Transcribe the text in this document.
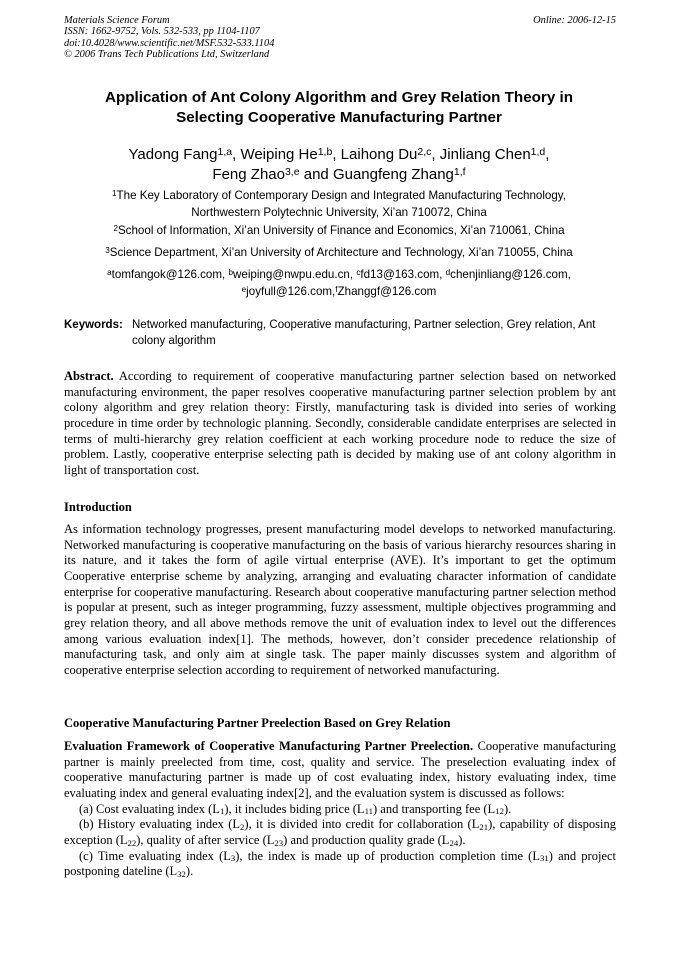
Materials Science Forum
ISSN: 1662-9752, Vols. 532-533, pp 1104-1107
doi:10.4028/www.scientific.net/MSF.532-533.1104
© 2006 Trans Tech Publications Ltd, Switzerland
Online: 2006-12-15
Application of Ant Colony Algorithm and Grey Relation Theory in
Selecting Cooperative Manufacturing Partner
Yadong Fang$^{1,a}$, Weiping He$^{1,b}$, Laihong Du$^{2,c}$, Jinliang Chen$^{1,d}$,
Feng Zhao$^{3,e}$ and Guangfeng Zhang$^{1,f}$
$^1$The Key Laboratory of Contemporary Design and Integrated Manufacturing Technology,
Northwestern Polytechnic University, Xi’an 710072, China
$^2$School of Information, Xi’an University of Finance and Economics, Xi’an 710061, China
$^3$Science Department, Xi’an University of Architecture and Technology, Xi’an 710055, China
$^a$tomfangok@126.com, $^b$weiping@nwpu.edu.cn, $^c$fd13@163.com, $^d$chenjinliang@126.com,
$^e$joyfull@126.com,$^f$Zhanggf@126.com
Keywords: Networked manufacturing, Cooperative manufacturing, Partner selection, Grey relation, Ant colony algorithm
Abstract. According to requirement of cooperative manufacturing partner selection based on networked manufacturing environment, the paper resolves cooperative manufacturing partner selection problem by ant colony algorithm and grey relation theory: Firstly, manufacturing task is divided into series of working procedure in time order by technologic planning. Secondly, considerable candidate enterprises are selected in terms of multi-hierarchy grey relation coefficient at each working procedure node to reduce the size of problem. Lastly, cooperative enterprise selecting path is decided by making use of ant colony algorithm in light of transportation cost.
Introduction
As information technology progresses, present manufacturing model develops to networked manufacturing. Networked manufacturing is cooperative manufacturing on the basis of various hierarchy resources sharing in its nature, and it takes the form of agile virtual enterprise (AVE). It’s important to get the optimum Cooperative enterprise scheme by analyzing, arranging and evaluating character information of candidate enterprise for cooperative manufacturing. Research about cooperative manufacturing partner selection method is popular at present, such as integer programming, fuzzy assessment, multiple objectives programming and grey relation theory, and all above methods remove the unit of evaluation index to level out the differences among various evaluation index[1]. The methods, however, don’t consider precedence relationship of manufacturing task, and only aim at single task. The paper mainly discusses system and algorithm of cooperative enterprise selection according to requirement of networked manufacturing.
Cooperative Manufacturing Partner Preelection Based on Grey Relation
Evaluation Framework of Cooperative Manufacturing Partner Preelection. Cooperative manufacturing partner is mainly preelected from time, cost, quality and service. The preselection evaluating index of cooperative manufacturing partner is made up of cost evaluating index, history evaluating index, time evaluating index and general evaluating index[2], and the evaluation system is discussed as follows:
(a) Cost evaluating index $(L_1)$, it includes biding price $(L_{11})$ and transporting fee $(L_{12})$.
(b) History evaluating index $(L_2)$, it is divided into credit for collaboration $(L_{21})$, capability of disposing exception $(L_{22})$, quality of after service $(L_{23})$ and production quality grade $(L_{24})$.
(c) Time evaluating index $(L_3)$, the index is made up of production completion time $(L_{31})$ and project postponing dateline $(L_{32})$.
